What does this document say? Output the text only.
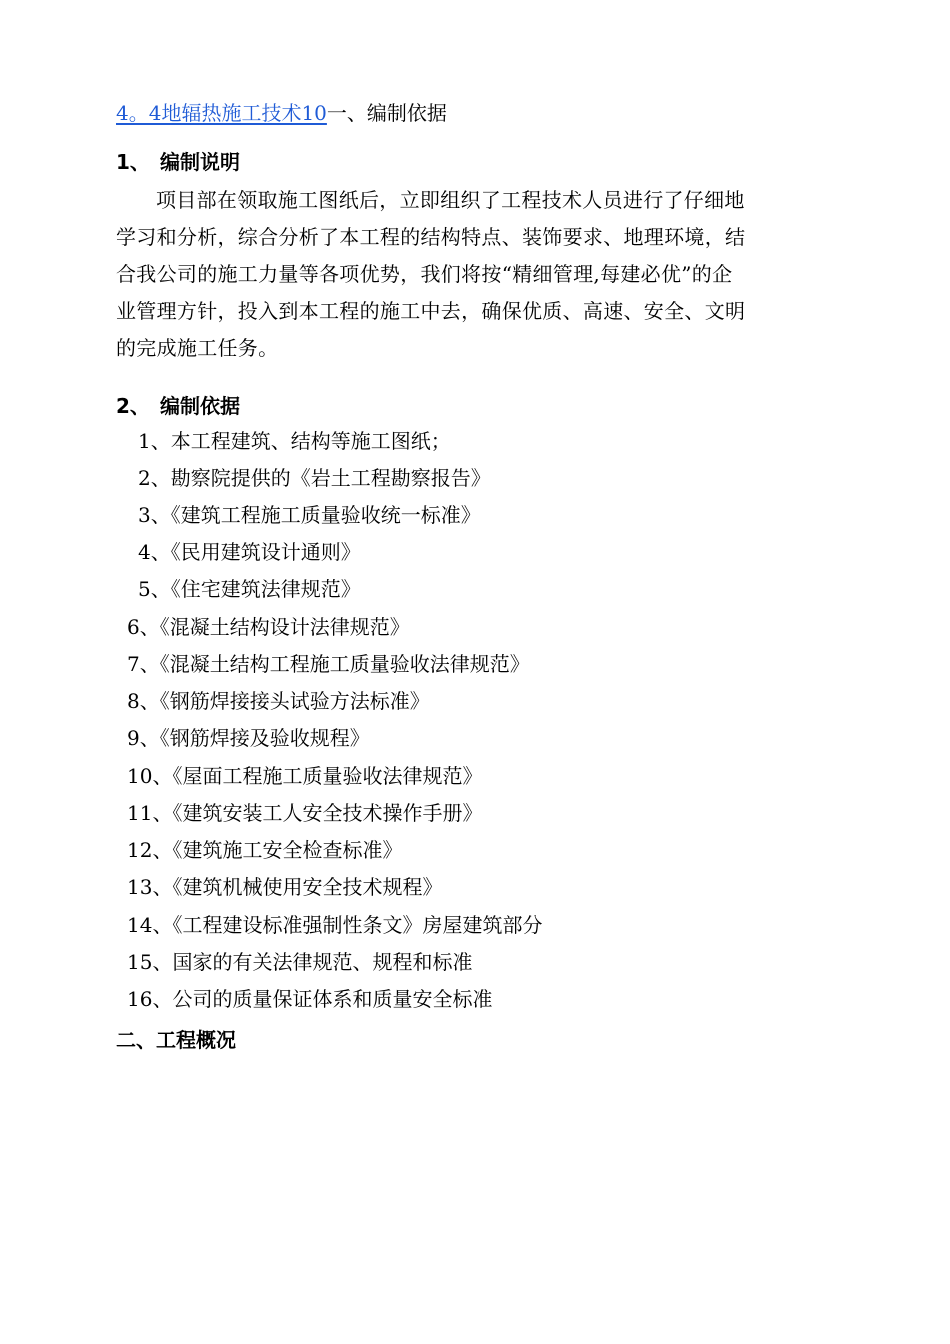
4。4地辐热施工技术10一、编制依据
1、 编制说明
项目部在领取施工图纸后，立即组织了工程技术人员进行了仔细地
学习和分析，综合分析了本工程的结构特点、装饰要求、地理环境，结
合我公司的施工力量等各项优势，我们将按“精细管理,每建必优”的企
业管理方针，投入到本工程的施工中去，确保优质、高速、安全、文明
的完成施工任务。
2、 编制依据
1、本工程建筑、结构等施工图纸；
2、勘察院提供的《岩土工程勘察报告》
3、《建筑工程施工质量验收统一标准》
4、《民用建筑设计通则》
5、《住宅建筑法律规范》
6、《混凝土结构设计法律规范》
7、《混凝土结构工程施工质量验收法律规范》
8、《钢筋焊接接头试验方法标准》
9、《钢筋焊接及验收规程》
10、《屋面工程施工质量验收法律规范》
11、《建筑安装工人安全技术操作手册》
12、《建筑施工安全检查标准》
13、《建筑机械使用安全技术规程》
14、《工程建设标准强制性条文》房屋建筑部分
15、国家的有关法律规范、规程和标准
16、公司的质量保证体系和质量安全标准
二、工程概况
